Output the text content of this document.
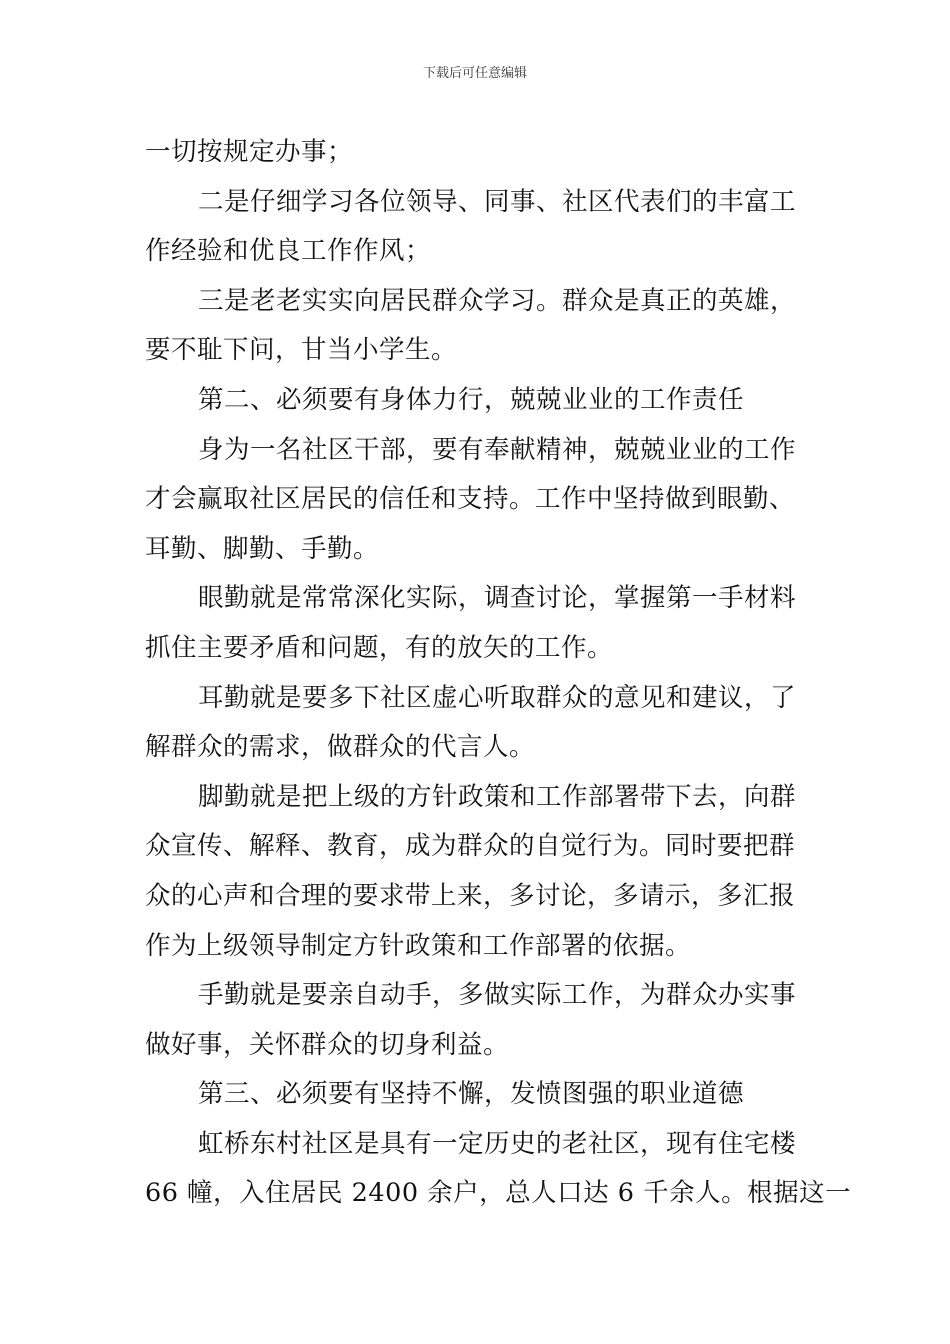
下载后可任意编辑
一切按规定办事；
二是仔细学习各位领导、同事、社区代表们的丰富工
作经验和优良工作作风；
三是老老实实向居民群众学习。群众是真正的英雄，
要不耻下问，甘当小学生。
第二、必须要有身体力行，兢兢业业的工作责任
身为一名社区干部，要有奉献精神，兢兢业业的工作
才会赢取社区居民的信任和支持。工作中坚持做到眼勤、
耳勤、脚勤、手勤。
眼勤就是常常深化实际，调查讨论，掌握第一手材料
抓住主要矛盾和问题，有的放矢的工作。
耳勤就是要多下社区虚心听取群众的意见和建议，了
解群众的需求，做群众的代言人。
脚勤就是把上级的方针政策和工作部署带下去，向群
众宣传、解释、教育，成为群众的自觉行为。同时要把群
众的心声和合理的要求带上来，多讨论，多请示，多汇报
作为上级领导制定方针政策和工作部署的依据。
手勤就是要亲自动手，多做实际工作，为群众办实事
做好事，关怀群众的切身利益。
第三、必须要有坚持不懈，发愤图强的职业道德
虹桥东村社区是具有一定历史的老社区，现有住宅楼
66 幢，入住居民 2400 余户，总人口达 6 千余人。根据这一
